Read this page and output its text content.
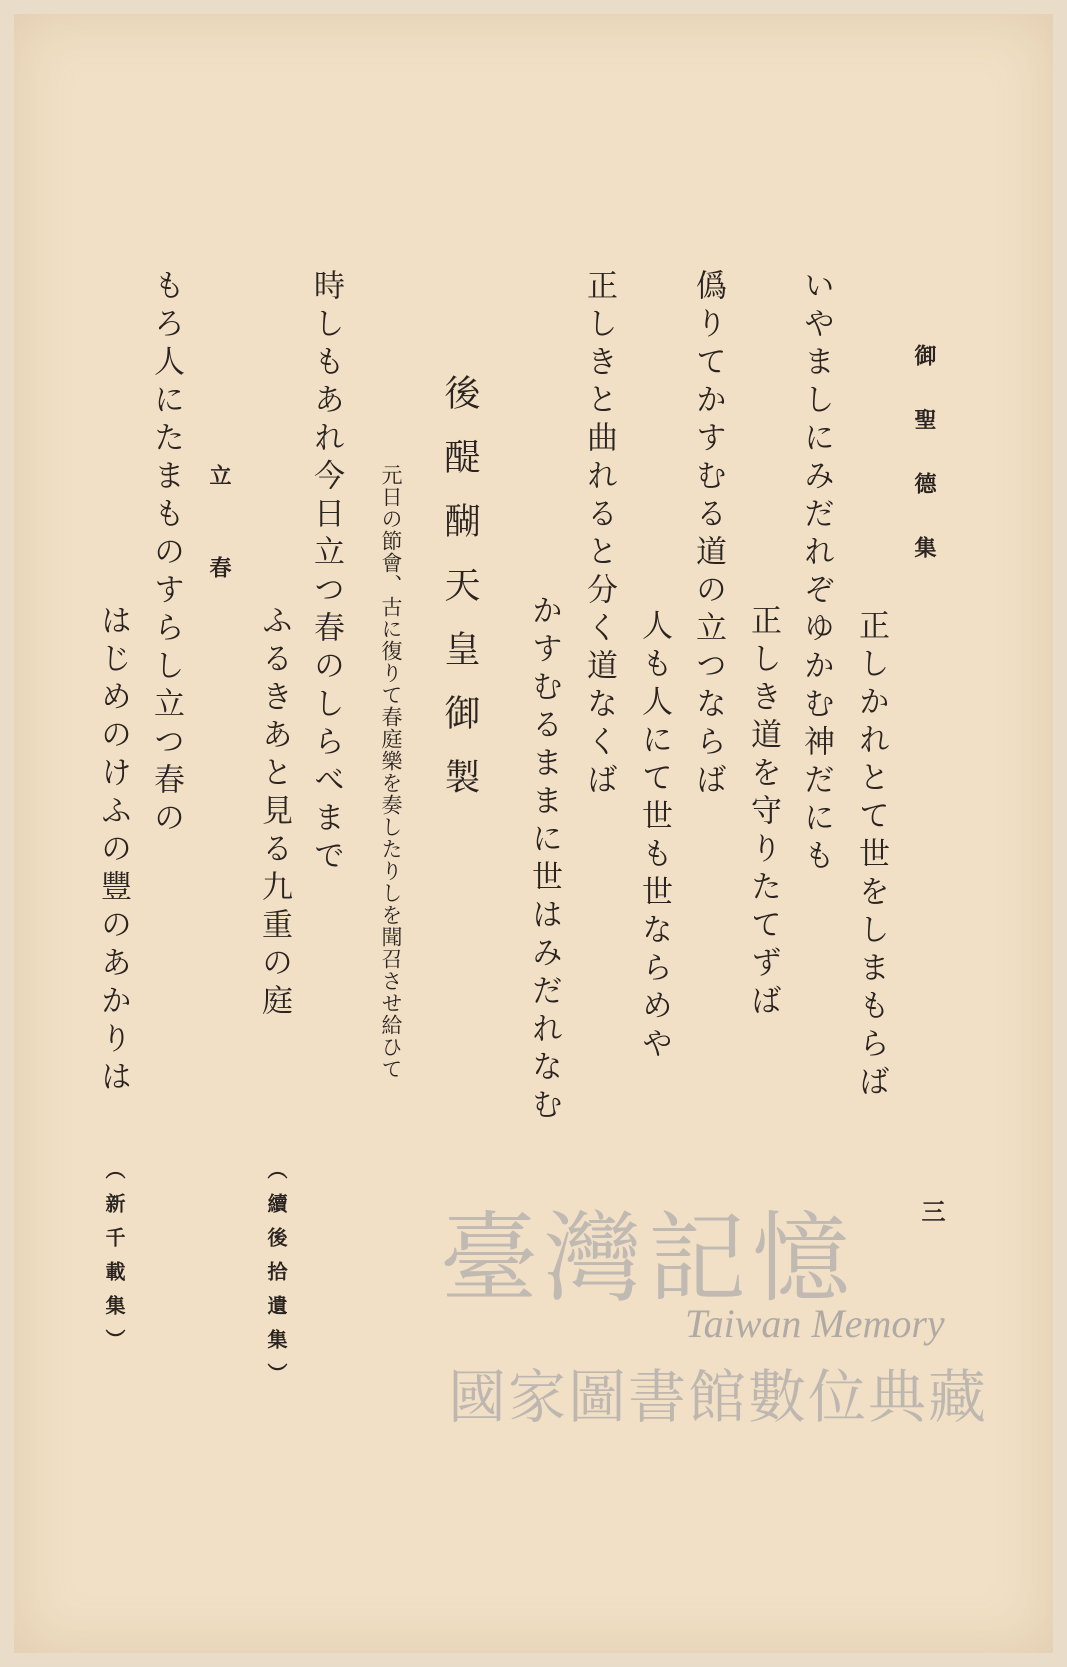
御聖德集
三
正しかれとて世をしまもらば
いやましにみだれぞゆかむ神だにも
正しき道を守りたてずば
僞りてかすむる道の立つならば
人も人にて世も世ならめや
正しきと曲れると分く道なくば
かすむるままに世はみだれなむ
後醍醐天皇御製
元日の節會、古に復りて春庭樂を奏したりしを聞召させ給ひて
時しもあれ今日立つ春のしらべまで
ふるきあと見る九重の庭
（續後拾遺集）
立春
もろ人にたまものすらし立つ春の
はじめのけふの豐のあかりは
（新千載集）	臺灣記憶
Taiwan Memory
國家圖書館數位典藏
